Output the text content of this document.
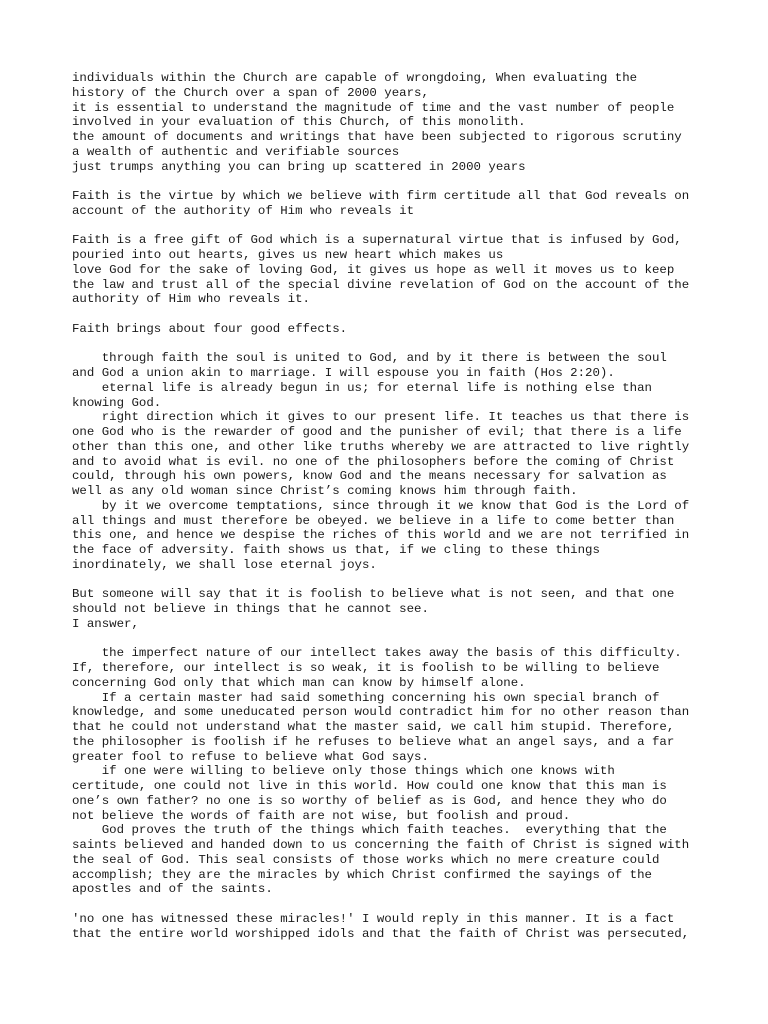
individuals within the Church are capable of wrongdoing, When evaluating the
history of the Church over a span of 2000 years,
it is essential to understand the magnitude of time and the vast number of people
involved in your evaluation of this Church, of this monolith.
the amount of documents and writings that have been subjected to rigorous scrutiny
a wealth of authentic and verifiable sources
just trumps anything you can bring up scattered in 2000 years
Faith is the virtue by which we believe with firm certitude all that God reveals on
account of the authority of Him who reveals it
Faith is a free gift of God which is a supernatural virtue that is infused by God,
pouried into out hearts, gives us new heart which makes us
love God for the sake of loving God, it gives us hope as well it moves us to keep
the law and trust all of the special divine revelation of God on the account of the
authority of Him who reveals it.
Faith brings about four good effects.
through faith the soul is united to God, and by it there is between the soul
and God a union akin to marriage. I will espouse you in faith (Hos 2:20).
eternal life is already begun in us; for eternal life is nothing else than
knowing God.
right direction which it gives to our present life. It teaches us that there is
one God who is the rewarder of good and the punisher of evil; that there is a life
other than this one, and other like truths whereby we are attracted to live rightly
and to avoid what is evil. no one of the philosophers before the coming of Christ
could, through his own powers, know God and the means necessary for salvation as
well as any old woman since Christ’s coming knows him through faith.
by it we overcome temptations, since through it we know that God is the Lord of
all things and must therefore be obeyed. we believe in a life to come better than
this one, and hence we despise the riches of this world and we are not terrified in
the face of adversity. faith shows us that, if we cling to these things
inordinately, we shall lose eternal joys.
But someone will say that it is foolish to believe what is not seen, and that one
should not believe in things that he cannot see.
I answer,
the imperfect nature of our intellect takes away the basis of this difficulty.
If, therefore, our intellect is so weak, it is foolish to be willing to believe
concerning God only that which man can know by himself alone.
If a certain master had said something concerning his own special branch of
knowledge, and some uneducated person would contradict him for no other reason than
that he could not understand what the master said, we call him stupid. Therefore,
the philosopher is foolish if he refuses to believe what an angel says, and a far
greater fool to refuse to believe what God says.
if one were willing to believe only those things which one knows with
certitude, one could not live in this world. How could one know that this man is
one’s own father? no one is so worthy of belief as is God, and hence they who do
not believe the words of faith are not wise, but foolish and proud.
God proves the truth of the things which faith teaches.  everything that the
saints believed and handed down to us concerning the faith of Christ is signed with
the seal of God. This seal consists of those works which no mere creature could
accomplish; they are the miracles by which Christ confirmed the sayings of the
apostles and of the saints.
'no one has witnessed these miracles!' I would reply in this manner. It is a fact
that the entire world worshipped idols and that the faith of Christ was persecuted,
